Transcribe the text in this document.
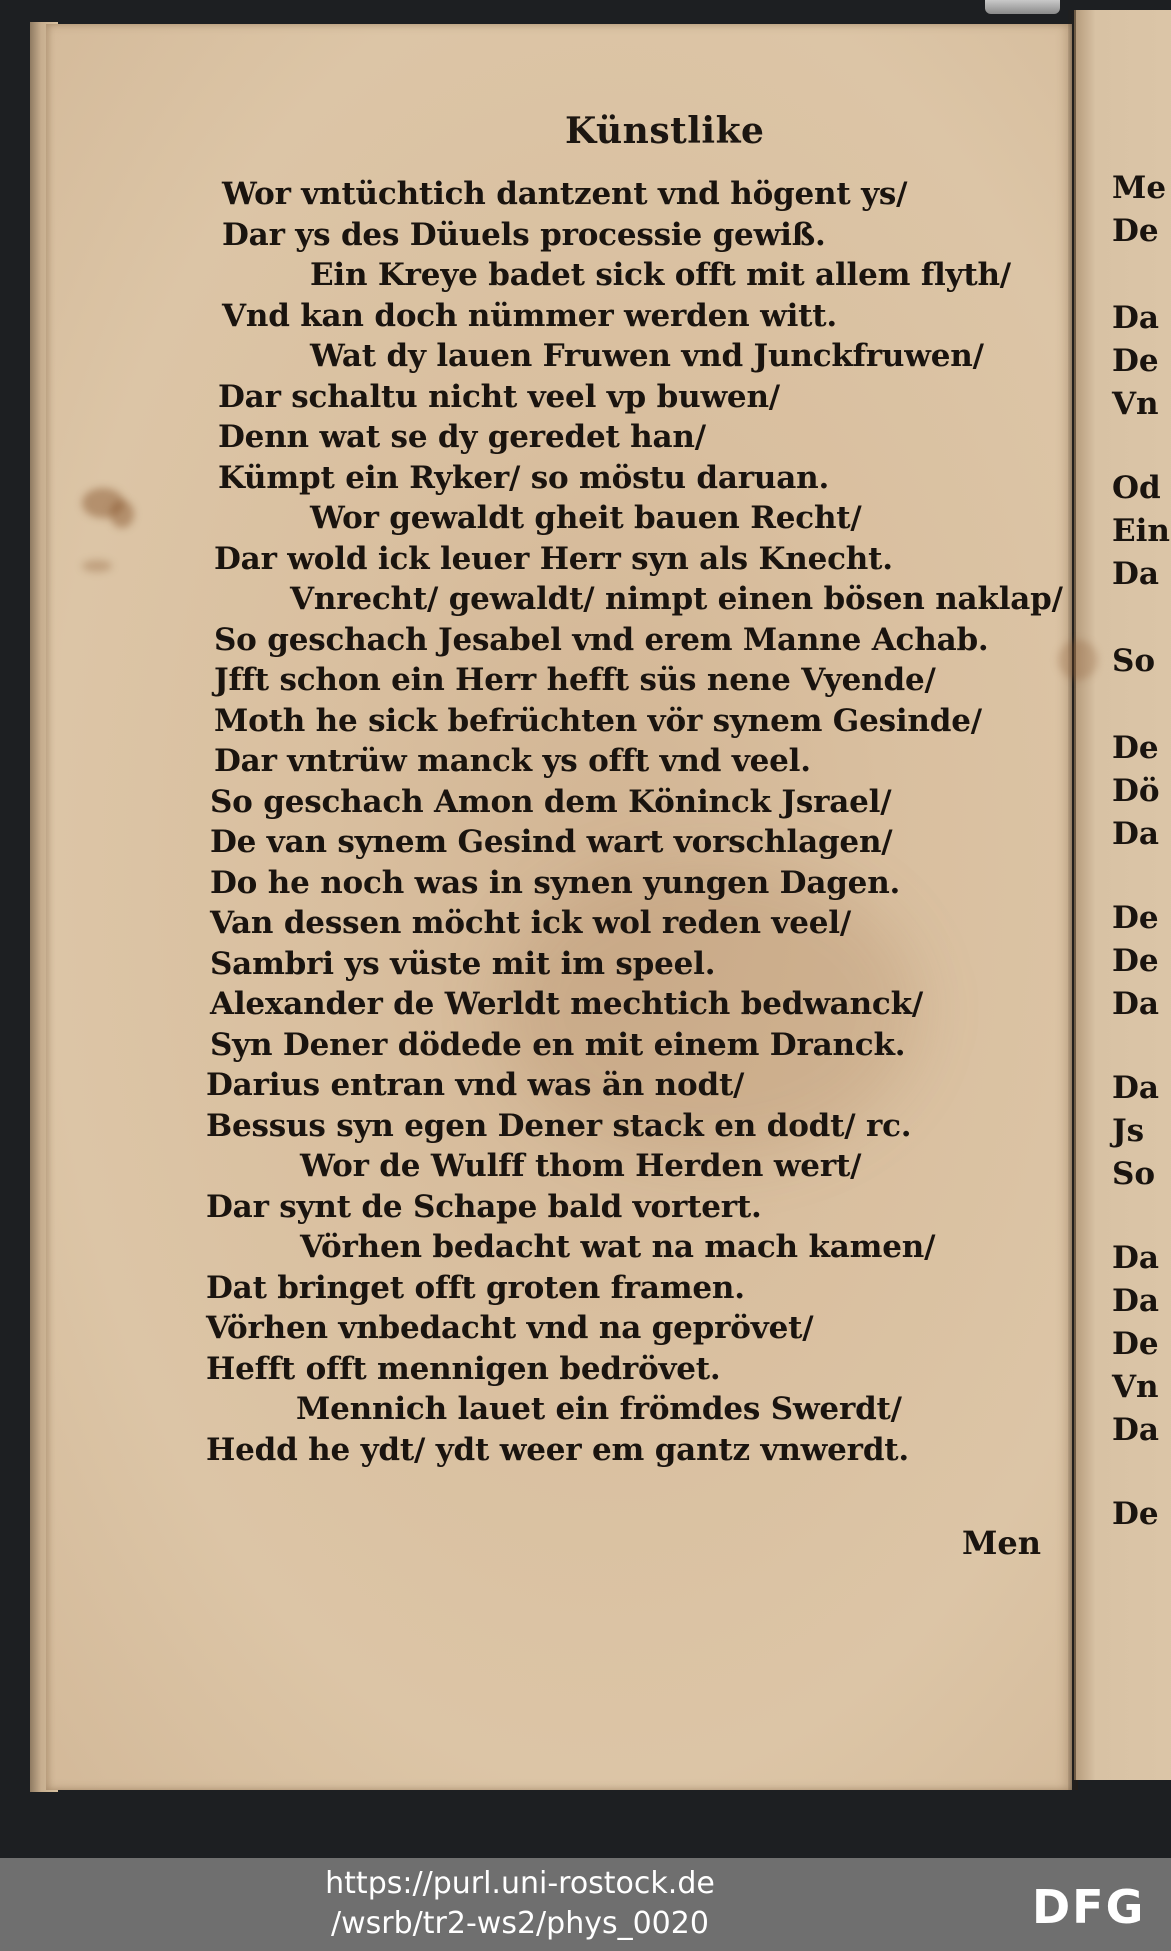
Künstlike
Wor vntüchtich dantzent vnd högent ys/
Dar ys des Düuels processie gewiß.
Ein Kreye badet sick offt mit allem flyth/
Vnd kan doch nümmer werden witt.
Wat dy lauen Fruwen vnd Junckfruwen/
Dar schaltu nicht veel vp buwen/
Denn wat se dy geredet han/
Kümpt ein Ryker/ so möstu daruan.
Wor gewaldt gheit bauen Recht/
Dar wold ick leuer Herr syn als Knecht.
Vnrecht/ gewaldt/ nimpt einen bösen naklap/
So geschach Jesabel vnd erem Manne Achab.
Jfft schon ein Herr hefft süs nene Vyende/
Moth he sick befrüchten vör synem Gesinde/
Dar vntrüw manck ys offt vnd veel.
So geschach Amon dem Köninck Jsrael/
De van synem Gesind wart vorschlagen/
Do he noch was in synen yungen Dagen.
Van dessen möcht ick wol reden veel/
Sambri ys vüste mit im speel.
Alexander de Werldt mechtich bedwanck/
Syn Dener dödede en mit einem Dranck.
Darius entran vnd was än nodt/
Bessus syn egen Dener stack en dodt/ rc.
Wor de Wulff thom Herden wert/
Dar synt de Schape bald vortert.
Vörhen bedacht wat na mach kamen/
Dat bringet offt groten framen.
Vörhen vnbedacht vnd na geprövet/
Hefft offt mennigen bedrövet.
Mennich lauet ein frömdes Swerdt/
Hedd he ydt/ ydt weer em gantz vnwerdt.
Me
De
Da
De
Vn
Od
Ein
Da
So
De
Dö
Da
De
De
Da
Da
Js
So
Da
Da
De
Vn
Da
De
Men
https://purl.uni-rostock.de
/wsrb/tr2-ws2/phys_0020	DFG
